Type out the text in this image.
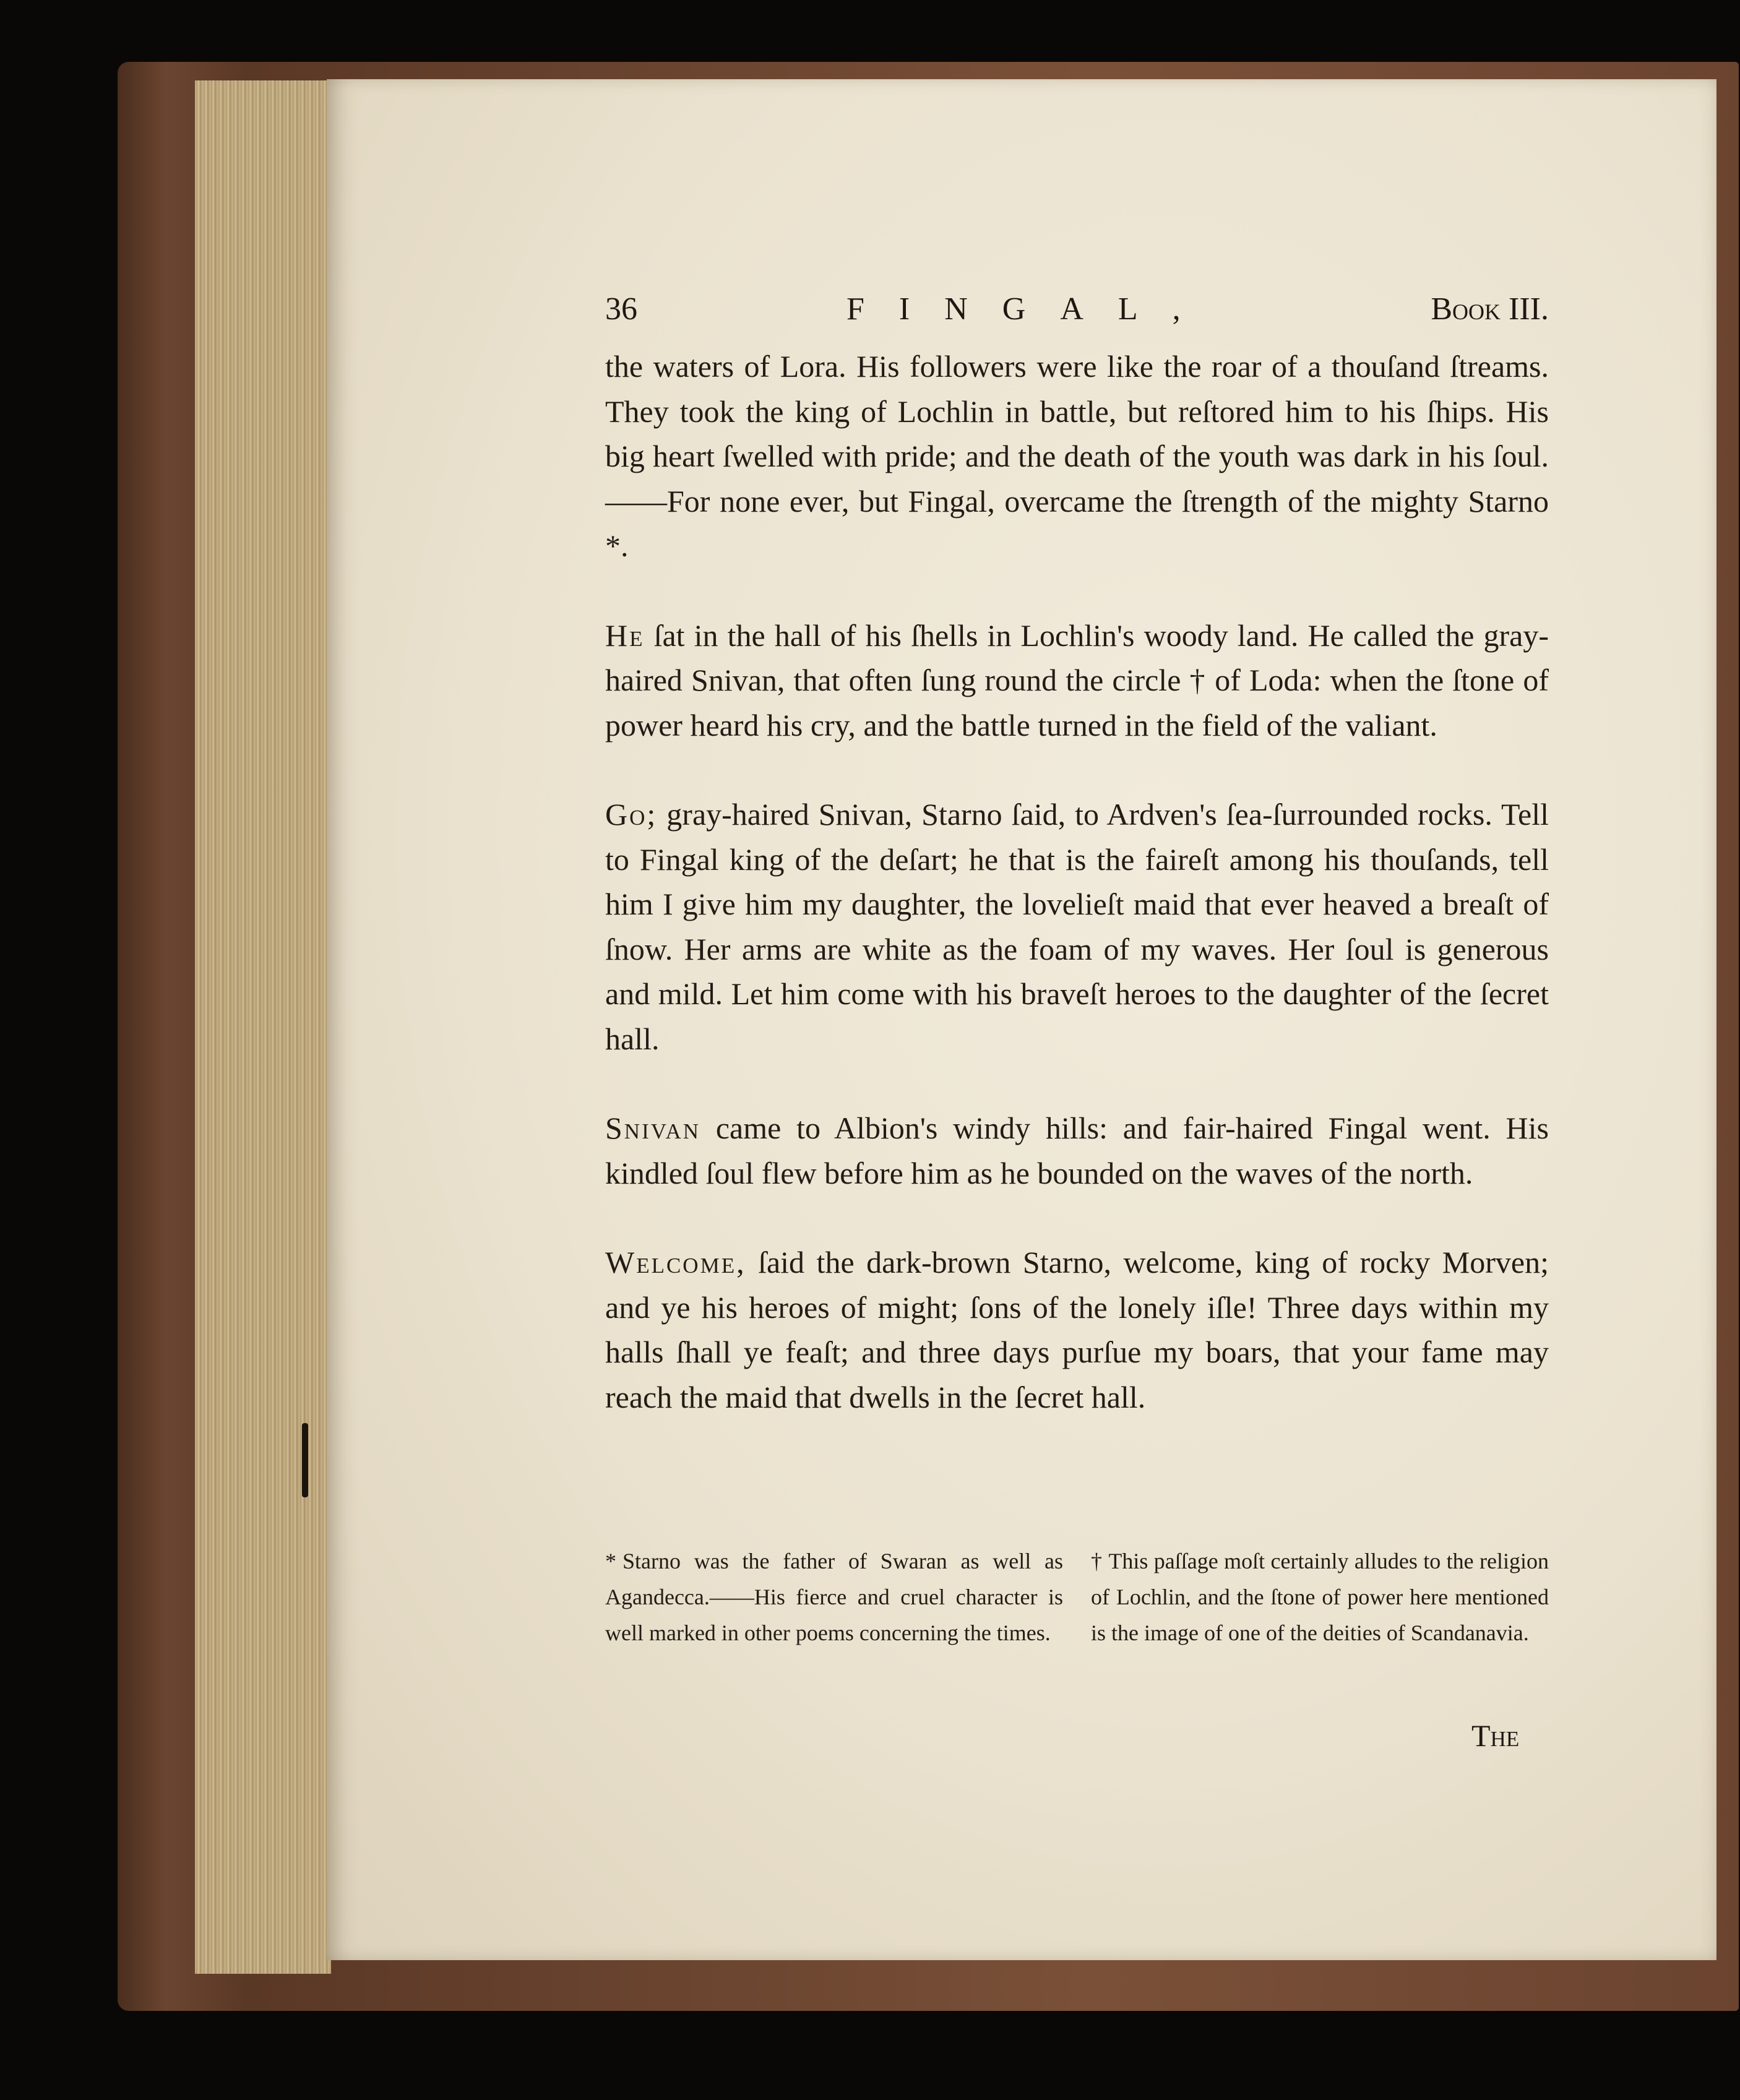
36	FINGAL,	Book III.

the waters of Lora. His followers were like the roar of a thouſand ſtreams. They took the king of Lochlin in battle, but reſtored him to his ſhips. His big heart ſwelled with pride; and the death of the youth was dark in his ſoul.——For none ever, but Fingal, overcame the ſtrength of the mighty Starno *.

He ſat in the hall of his ſhells in Lochlin's woody land. He called the gray-haired Snivan, that often ſung round the circle † of Loda: when the ſtone of power heard his cry, and the battle turned in the field of the valiant.

Go; gray-haired Snivan, Starno ſaid, to Ardven's ſea-ſurrounded rocks. Tell to Fingal king of the deſart; he that is the faireſt among his thouſands, tell him I give him my daughter, the lovelieſt maid that ever heaved a breaſt of ſnow. Her arms are white as the foam of my waves. Her ſoul is generous and mild. Let him come with his braveſt heroes to the daughter of the ſecret hall.

Snivan came to Albion's windy hills: and fair-haired Fingal went. His kindled ſoul flew before him as he bounded on the waves of the north.

Welcome, ſaid the dark-brown Starno, welcome, king of rocky Morven; and ye his heroes of might; ſons of the lonely iſle! Three days within my halls ſhall ye feaſt; and three days purſue my boars, that your fame may reach the maid that dwells in the ſecret hall.

* Starno was the father of Swaran as well as Agandecca.——His fierce and cruel character is well marked in other poems concerning the times.
† This paſſage moſt certainly alludes to the religion of Lochlin, and the ſtone of power here mentioned is the image of one of the deities of Scandanavia.
The
